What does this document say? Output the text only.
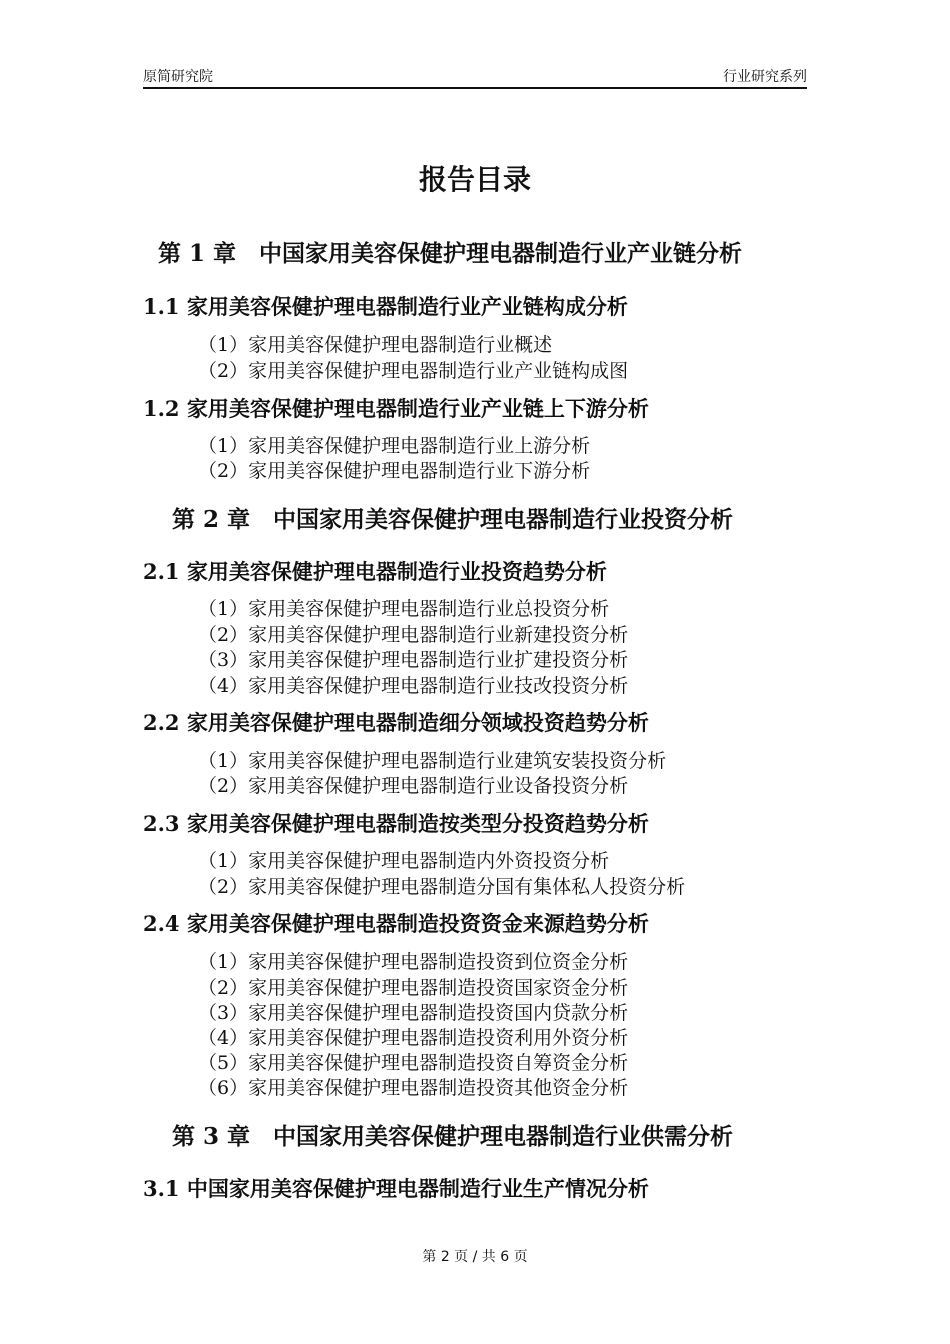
原简研究院	行业研究系列
报告目录
第 1 章　中国家用美容保健护理电器制造行业产业链分析
1.1 家用美容保健护理电器制造行业产业链构成分析
（1）家用美容保健护理电器制造行业概述
（2）家用美容保健护理电器制造行业产业链构成图
1.2 家用美容保健护理电器制造行业产业链上下游分析
（1）家用美容保健护理电器制造行业上游分析
（2）家用美容保健护理电器制造行业下游分析
第 2 章　中国家用美容保健护理电器制造行业投资分析
2.1 家用美容保健护理电器制造行业投资趋势分析
（1）家用美容保健护理电器制造行业总投资分析
（2）家用美容保健护理电器制造行业新建投资分析
（3）家用美容保健护理电器制造行业扩建投资分析
（4）家用美容保健护理电器制造行业技改投资分析
2.2 家用美容保健护理电器制造细分领域投资趋势分析
（1）家用美容保健护理电器制造行业建筑安装投资分析
（2）家用美容保健护理电器制造行业设备投资分析
2.3 家用美容保健护理电器制造按类型分投资趋势分析
（1）家用美容保健护理电器制造内外资投资分析
（2）家用美容保健护理电器制造分国有集体私人投资分析
2.4 家用美容保健护理电器制造投资资金来源趋势分析
（1）家用美容保健护理电器制造投资到位资金分析
（2）家用美容保健护理电器制造投资国家资金分析
（3）家用美容保健护理电器制造投资国内贷款分析
（4）家用美容保健护理电器制造投资利用外资分析
（5）家用美容保健护理电器制造投资自筹资金分析
（6）家用美容保健护理电器制造投资其他资金分析
第 3 章　中国家用美容保健护理电器制造行业供需分析
3.1 中国家用美容保健护理电器制造行业生产情况分析
第 2 页 / 共 6 页
